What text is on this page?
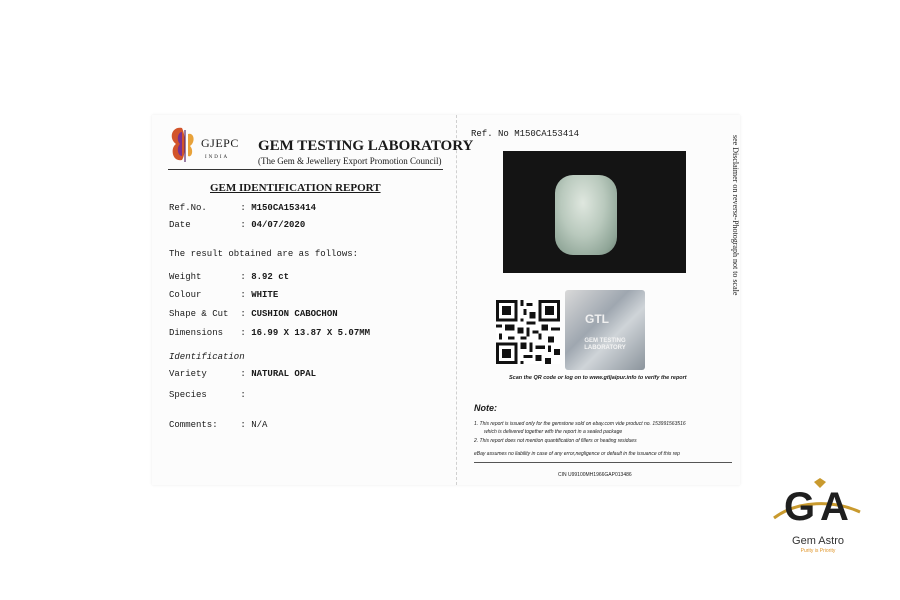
GJEPC
INDIA
GEM TESTING LABORATORY
(The Gem & Jewellery Export Promotion Council)
GEM IDENTIFICATION REPORT
Ref.No.	: M150CA153414
Date	: 04/07/2020
The result obtained are as follows:
Weight	: 8.92 ct
Colour	: WHITE
Shape & Cut : CUSHION CABOCHON
Dimensions : 16.99 X 13.87 X 5.07MM
Identification
Variety	: NATURAL OPAL
Species	:
Comments:	: N/A
Ref. No M150CA153414
GTL
GEM TESTING LABORATORY
Scan the QR code or log on to www.gtljaipur.info to verify the report
Note:
1. This report is issued only for the gemstone sold on ebay.com vide product no. 153991563516
which is delivered together with the report in a sealed package
2. This report does not mention quantification of fillers or heating residues
eBay assumes no liability in case of any error,negligence or default in the issuance of this rep
CIN U99100MH1966GAP013486
see Disclaimer on reverse-Photograph not to scale
G A
Gem Astro
Purity is Priority
